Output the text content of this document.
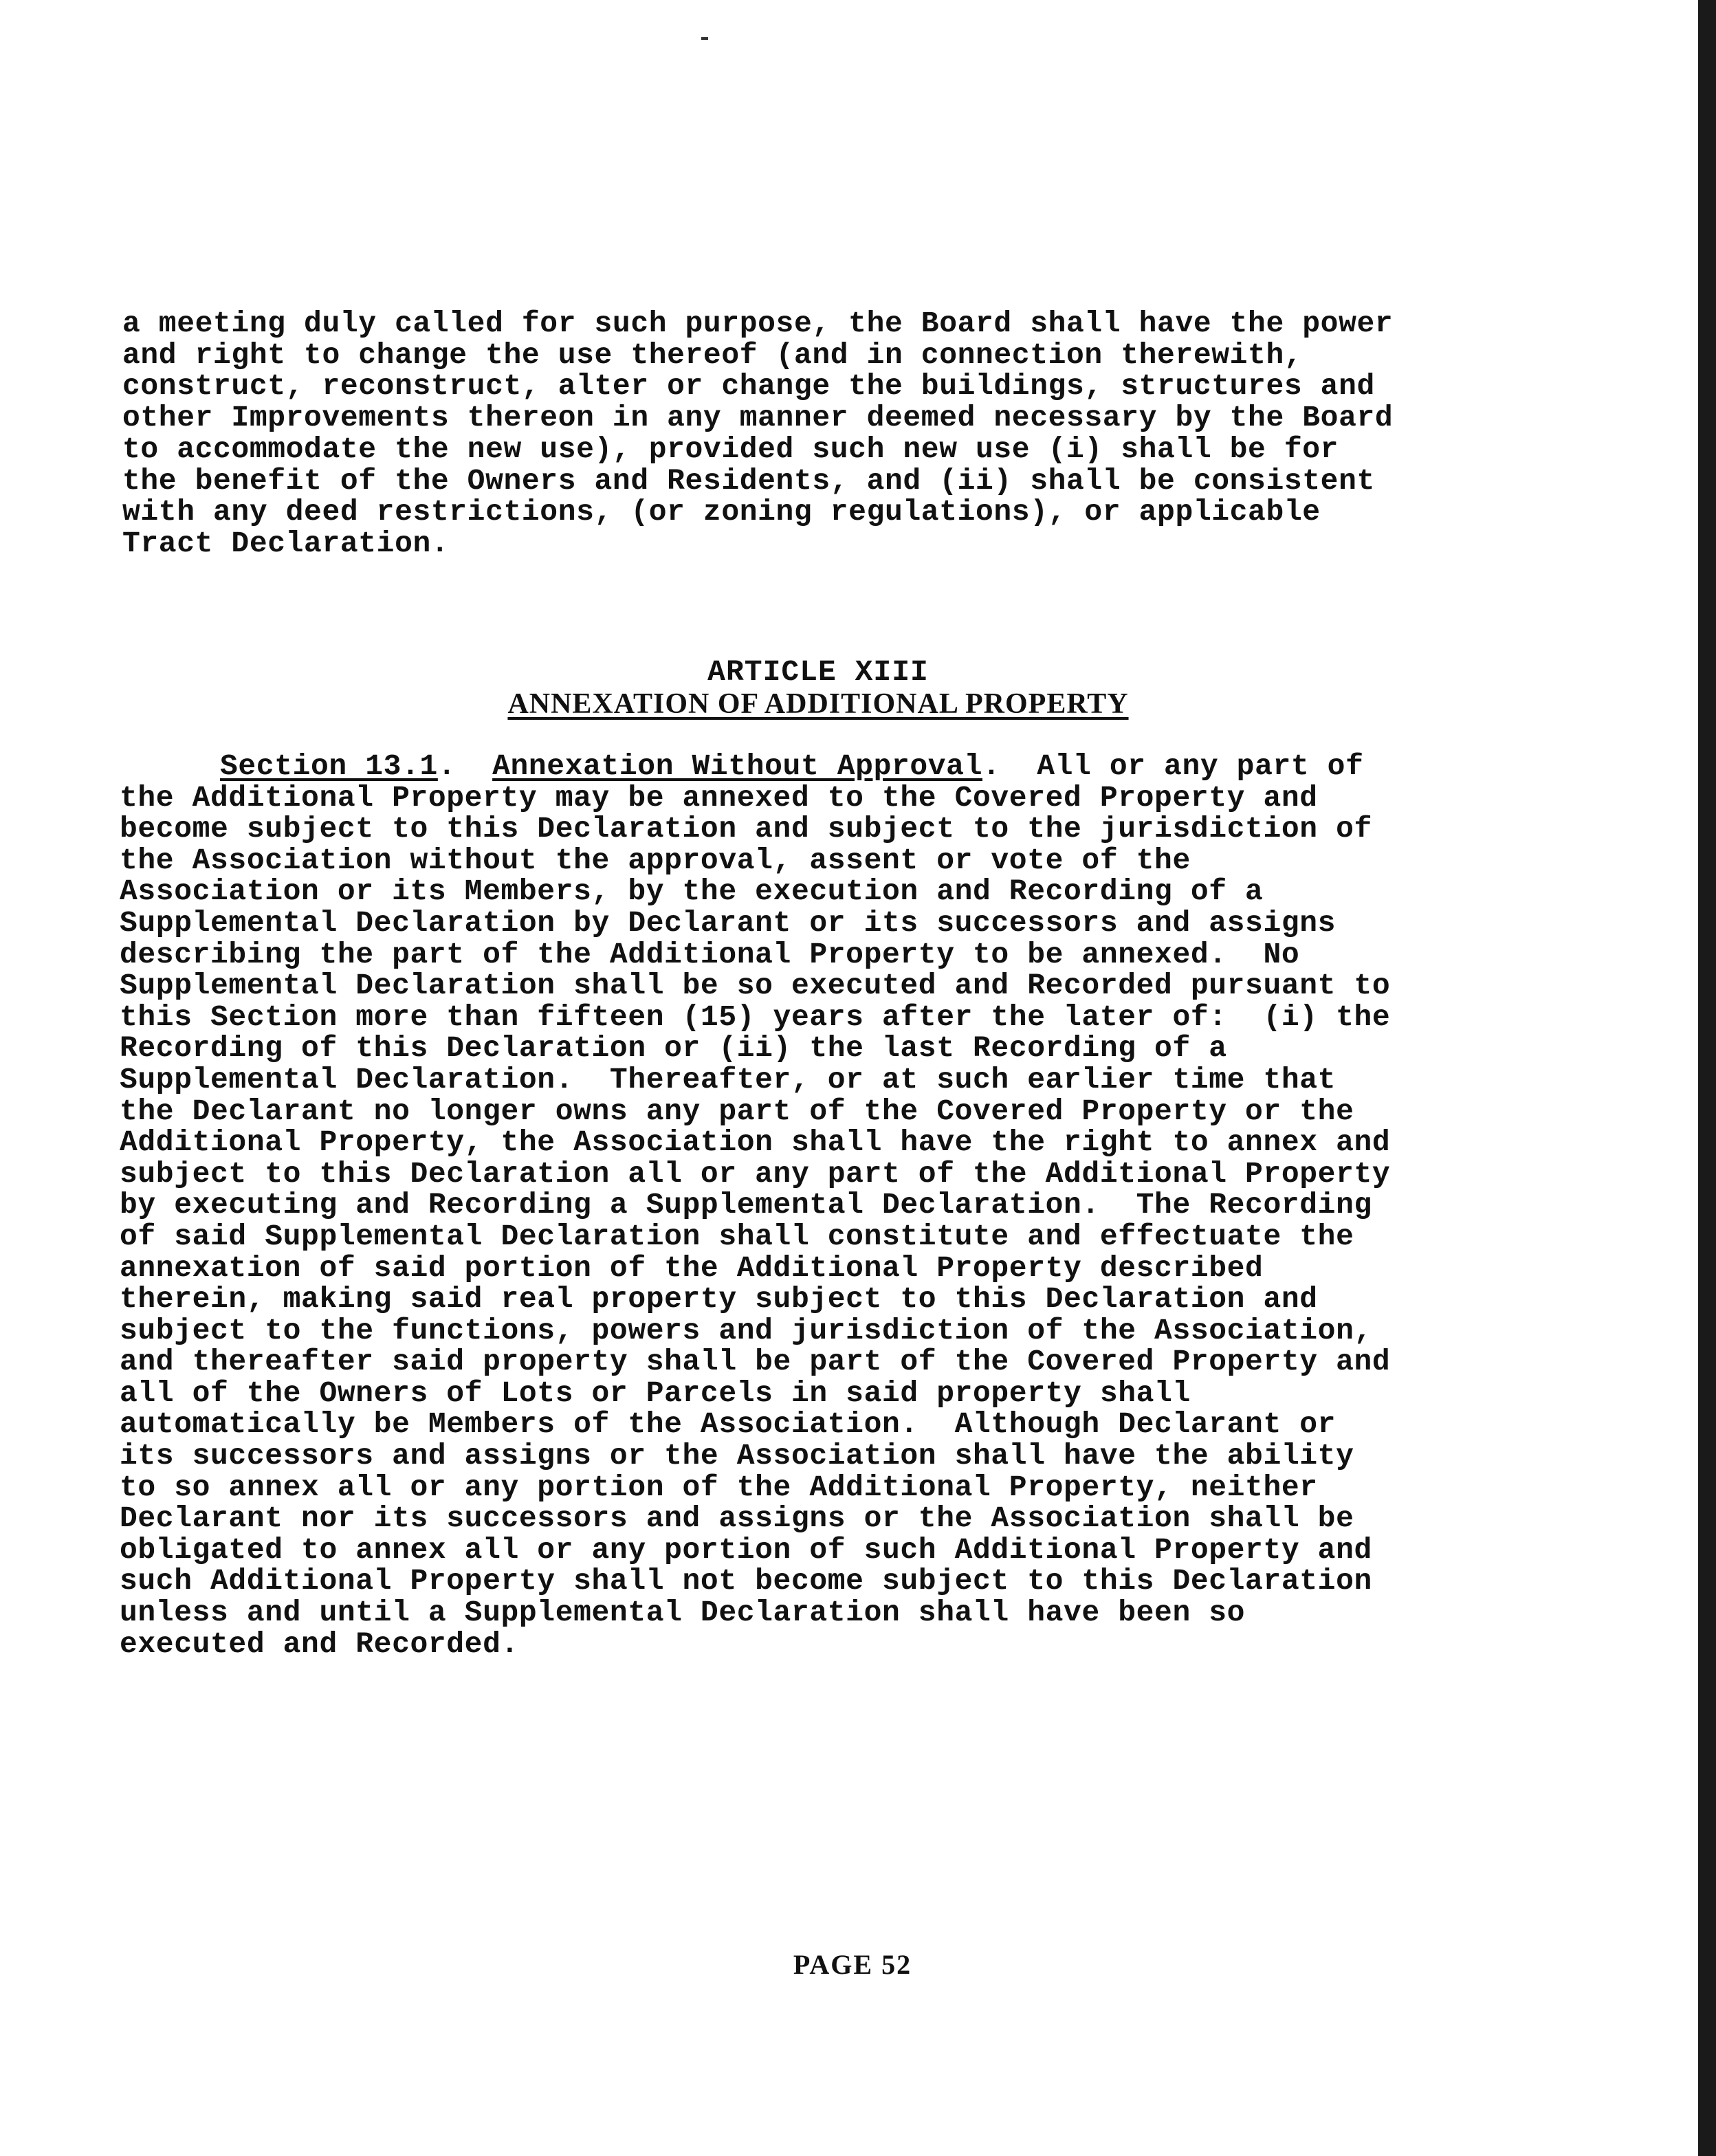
a meeting duly called for such purpose, the Board shall have the power
and right to change the use thereof (and in connection therewith,
construct, reconstruct, alter or change the buildings, structures and
other Improvements thereon in any manner deemed necessary by the Board
to accommodate the new use), provided such new use (i) shall be for
the benefit of the Owners and Residents, and (ii) shall be consistent
with any deed restrictions, (or zoning regulations), or applicable
Tract Declaration.
ARTICLE XIII
ANNEXATION OF ADDITIONAL PROPERTY
Section 13.1. Annexation Without Approval. All or any part of
the Additional Property may be annexed to the Covered Property and
become subject to this Declaration and subject to the jurisdiction of
the Association without the approval, assent or vote of the
Association or its Members, by the execution and Recording of a
Supplemental Declaration by Declarant or its successors and assigns
describing the part of the Additional Property to be annexed.  No
Supplemental Declaration shall be so executed and Recorded pursuant to
this Section more than fifteen (15) years after the later of:  (i) the
Recording of this Declaration or (ii) the last Recording of a
Supplemental Declaration.  Thereafter, or at such earlier time that
the Declarant no longer owns any part of the Covered Property or the
Additional Property, the Association shall have the right to annex and
subject to this Declaration all or any part of the Additional Property
by executing and Recording a Supplemental Declaration.  The Recording
of said Supplemental Declaration shall constitute and effectuate the
annexation of said portion of the Additional Property described
therein, making said real property subject to this Declaration and
subject to the functions, powers and jurisdiction of the Association,
and thereafter said property shall be part of the Covered Property and
all of the Owners of Lots or Parcels in said property shall
automatically be Members of the Association.  Although Declarant or
its successors and assigns or the Association shall have the ability
to so annex all or any portion of the Additional Property, neither
Declarant nor its successors and assigns or the Association shall be
obligated to annex all or any portion of such Additional Property and
such Additional Property shall not become subject to this Declaration
unless and until a Supplemental Declaration shall have been so
executed and Recorded.
PAGE 52
